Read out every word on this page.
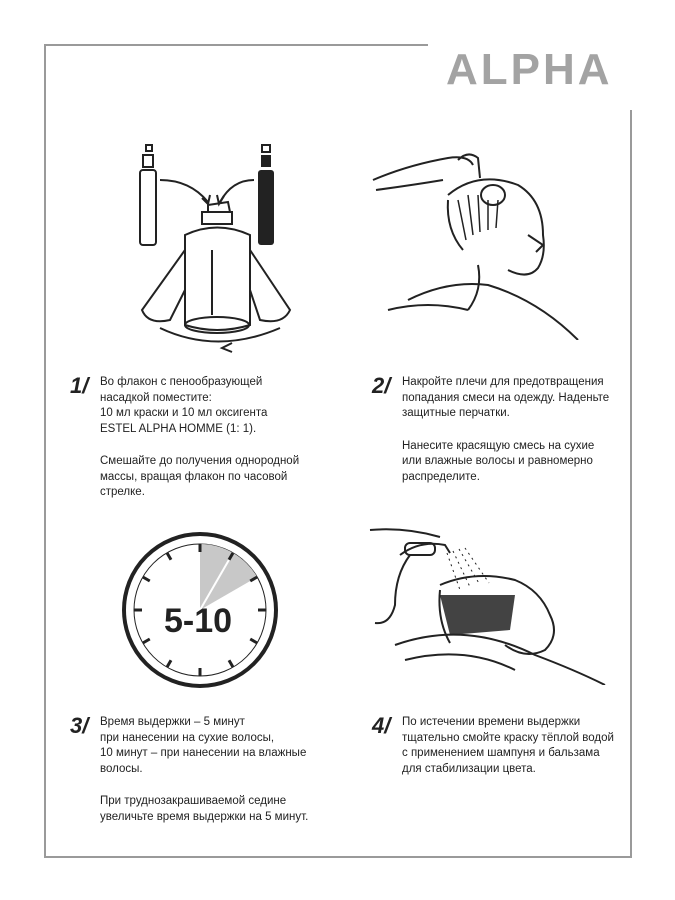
ALPHA
5-10
1/	Во флакон с пенообразующей
насадкой поместите:
10 мл краски и 10 мл оксигента
ESTEL ALPHA HOMME (1: 1).

Смешайте до получения однородной
массы, вращая флакон по часовой
стрелке.

2/	Накройте плечи для предотвращения
попадания смеси на одежду. Наденьте
защитные перчатки.

Нанесите красящую смесь на сухие
или влажные волосы и равномерно
распределите.

3/	Время выдержки – 5 минут
при нанесении на сухие волосы,
10 минут – при нанесении на влажные
волосы.

При труднозакрашиваемой седине
увеличьте время выдержки на 5 минут.

4/	По истечении времени выдержки
тщательно смойте краску тёплой водой
с применением шампуня и бальзама
для стабилизации цвета.
